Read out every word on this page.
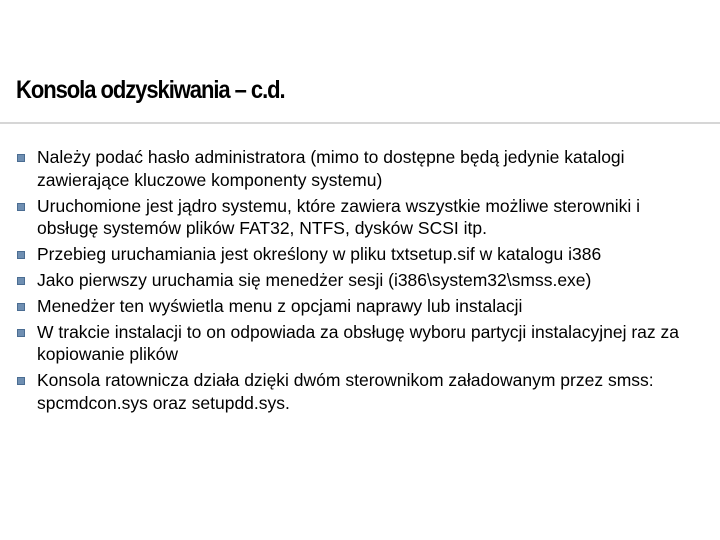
Konsola odzyskiwania – c.d.
Należy podać hasło administratora (mimo to dostępne będą jedynie katalogi zawierające kluczowe komponenty systemu)
Uruchomione jest jądro systemu, które zawiera wszystkie możliwe sterowniki i obsługę systemów plików FAT32, NTFS, dysków SCSI itp.
Przebieg uruchamiania jest określony w pliku txtsetup.sif w katalogu i386
Jako pierwszy uruchamia się menedżer sesji (i386\system32\smss.exe)
Menedżer ten wyświetla menu z opcjami naprawy lub instalacji
W trakcie instalacji to on odpowiada za obsługę wyboru partycji instalacyjnej raz za kopiowanie plików
Konsola ratownicza działa dzięki dwóm sterownikom załadowanym przez smss: spcmdcon.sys oraz setupdd.sys.
